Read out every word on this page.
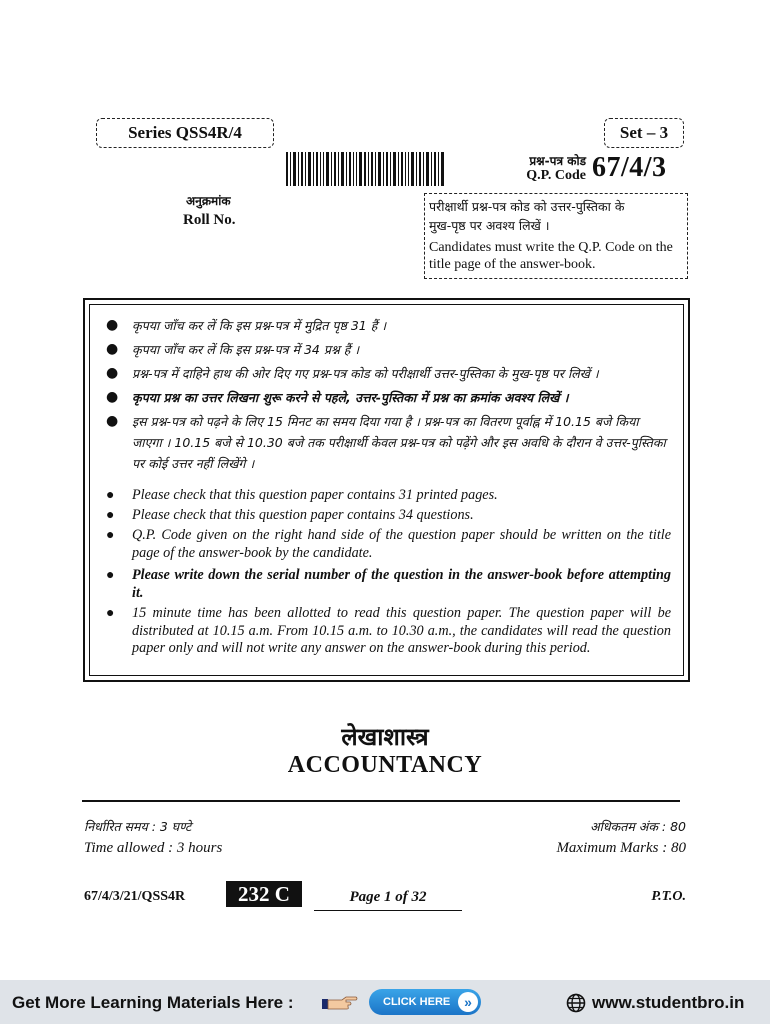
Series QSS4R/4	Set – 3
प्रश्न-पत्र कोड
Q.P. Code 67/4/3
अनुक्रमांक
Roll No.
परीक्षार्थी प्रश्न-पत्र कोड को उत्तर-पुस्तिका के
मुख-पृष्ठ पर अवश्य लिखें ।
Candidates must write the Q.P. Code on the title page of the answer-book.
● कृपया जाँच कर लें कि इस प्रश्न-पत्र में मुद्रित पृष्ठ 31 हैं ।
● कृपया जाँच कर लें कि इस प्रश्न-पत्र में 34 प्रश्न हैं ।
● प्रश्न-पत्र में दाहिने हाथ की ओर दिए गए प्रश्न-पत्र कोड को परीक्षार्थी उत्तर-पुस्तिका के मुख-पृष्ठ पर लिखें ।
● कृपया प्रश्न का उत्तर लिखना शुरू करने से पहले, उत्तर-पुस्तिका में प्रश्न का क्रमांक अवश्य लिखें ।
● इस प्रश्न-पत्र को पढ़ने के लिए 15 मिनट का समय दिया गया है । प्रश्न-पत्र का वितरण पूर्वाह्न में 10.15 बजे किया जाएगा । 10.15 बजे से 10.30 बजे तक परीक्षार्थी केवल प्रश्न-पत्र को पढ़ेंगे और इस अवधि के दौरान वे उत्तर-पुस्तिका पर कोई उत्तर नहीं लिखेंगे ।
● Please check that this question paper contains 31 printed pages.
● Please check that this question paper contains 34 questions.
● Q.P. Code given on the right hand side of the question paper should be written on the title page of the answer-book by the candidate.
● Please write down the serial number of the question in the answer-book before attempting it.
● 15 minute time has been allotted to read this question paper. The question paper will be distributed at 10.15 a.m. From 10.15 a.m. to 10.30 a.m., the candidates will read the question paper only and will not write any answer on the answer-book during this period.
लेखाशास्त्र
ACCOUNTANCY
निर्धारित समय : 3 घण्टे
Time allowed : 3 hours
अधिकतम अंक : 80
Maximum Marks : 80
67/4/3/21/QSS4R	232 C	Page 1 of 32	P.T.O.
Get More Learning Materials Here :	CLICK HERE »	www.studentbro.in
